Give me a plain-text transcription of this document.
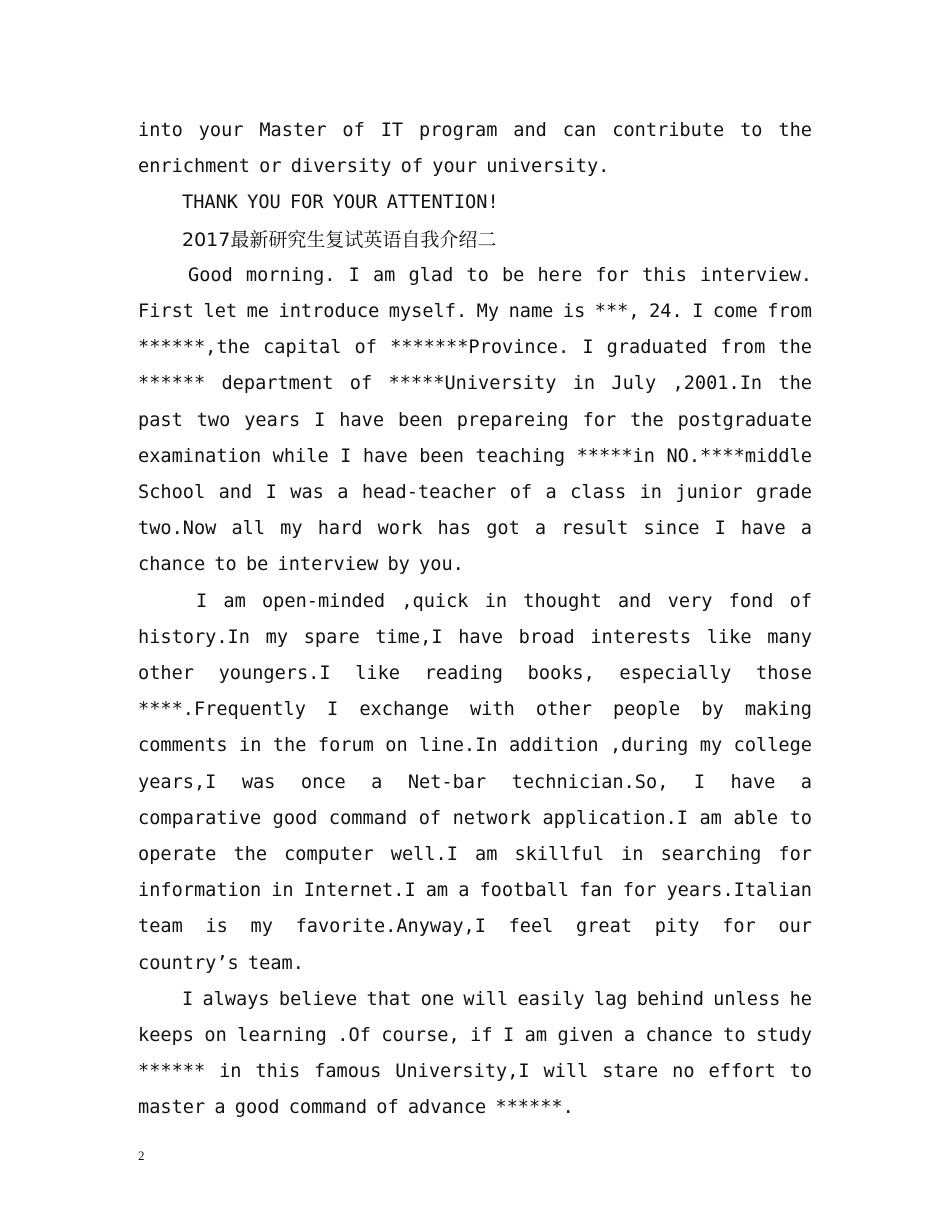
into your Master of IT program and can contribute to the enrichment or diversity of your university.

THANK YOU FOR YOUR ATTENTION!

2017最新研究生复试英语自我介绍二

Good morning. I am glad to be here for this interview. First let me introduce myself. My name is ***, 24. I come from ******,the capital of *******Province. I graduated from the ****** department of *****University in July ,2001.In the past two years I have been prepareing for the postgraduate examination while I have been teaching *****in NO.****middle School and I was a head-teacher of a class in junior grade two.Now all my hard work has got a result since I have a chance to be interview by you.

I am open-minded ,quick in thought and very fond of history.In my spare time,I have broad interests like many other youngers.I like reading books, especially those ****.Frequently I exchange with other people by making comments in the forum on line.In addition ,during my college years,I was once a Net-bar technician.So, I have a comparative good command of network application.I am able to operate the computer well.I am skillful in searching for information in Internet.I am a football fan for years.Italian team is my favorite.Anyway,I feel great pity for our country’s team.

I always believe that one will easily lag behind unless he keeps on learning .Of course, if I am given a chance to study ****** in this famous University,I will stare no effort to master a good command of advance ******.

2
